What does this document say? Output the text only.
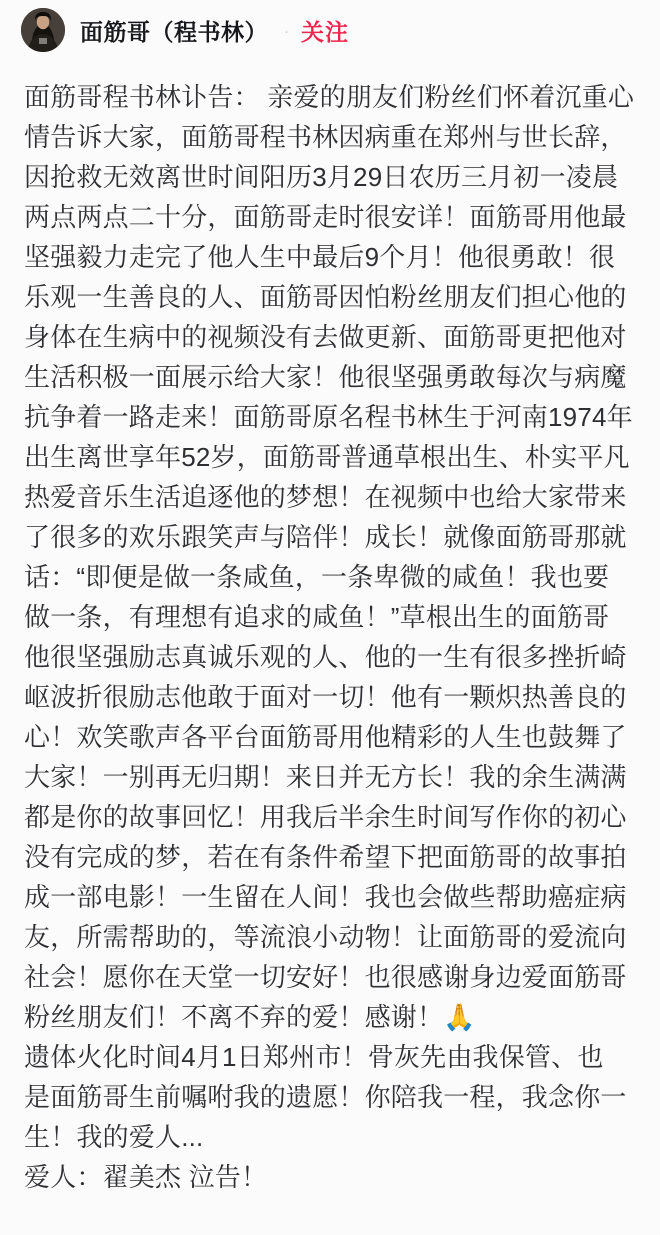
面筋哥（程书林） · 关注
面筋哥程书林讣告： 亲爱的朋友们粉丝们怀着沉重心
情告诉大家，面筋哥程书林因病重在郑州与世长辞，
因抢救无效离世时间阳历3月29日农历三月初一凌晨
两点两点二十分，面筋哥走时很安详！面筋哥用他最
坚强毅力走完了他人生中最后9个月！他很勇敢！很
乐观一生善良的人、面筋哥因怕粉丝朋友们担心他的
身体在生病中的视频没有去做更新、面筋哥更把他对
生活积极一面展示给大家！他很坚强勇敢每次与病魔
抗争着一路走来！面筋哥原名程书林生于河南1974年
出生离世享年52岁，面筋哥普通草根出生、朴实平凡
热爱音乐生活追逐他的梦想！在视频中也给大家带来
了很多的欢乐跟笑声与陪伴！成长！就像面筋哥那就
话：“即便是做一条咸鱼，一条卑微的咸鱼！我也要
做一条，有理想有追求的咸鱼！”草根出生的面筋哥
他很坚强励志真诚乐观的人、他的一生有很多挫折崎
岖波折很励志他敢于面对一切！他有一颗炽热善良的
心！欢笑歌声各平台面筋哥用他精彩的人生也鼓舞了
大家！一别再无归期！来日并无方长！我的余生满满
都是你的故事回忆！用我后半余生时间写作你的初心
没有完成的梦，若在有条件希望下把面筋哥的故事拍
成一部电影！一生留在人间！我也会做些帮助癌症病
友，所需帮助的，等流浪小动物！让面筋哥的爱流向
社会！愿你在天堂一切安好！也很感谢身边爱面筋哥
粉丝朋友们！不离不弃的爱！感谢！🙏
遗体火化时间4月1日郑州市！骨灰先由我保管、也
是面筋哥生前嘱咐我的遗愿！你陪我一程，我念你一
生！我的爱人...
爱人：翟美杰 泣告！
